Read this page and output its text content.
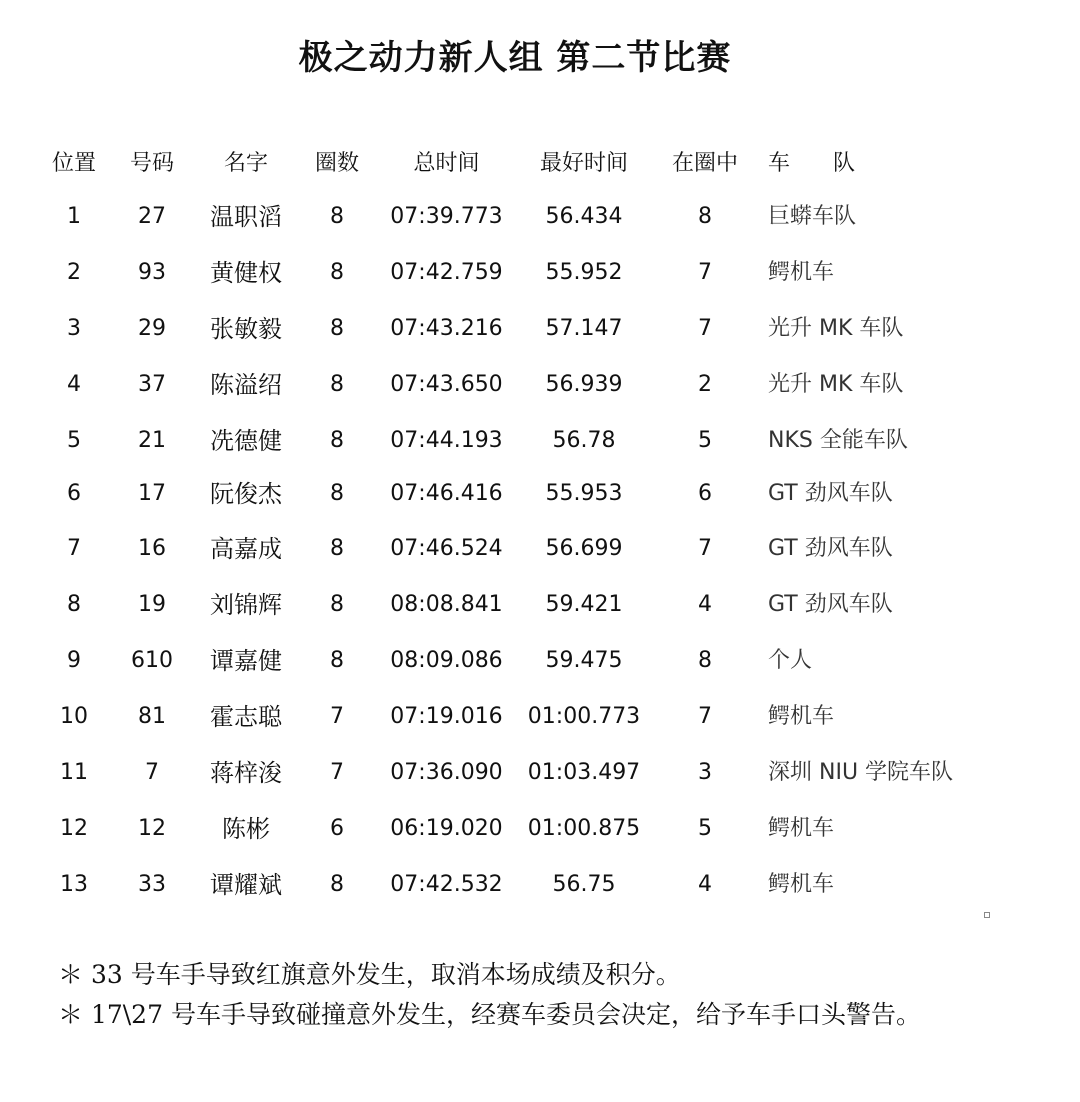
极之动力新人组 第二节比赛
位置	号码	名字	圈数	总时间	最好时间	在圈中	车 队
1	27	温职滔	8	07:39.773	56.434	8	巨蟒车队
2	93	黄健权	8	07:42.759	55.952	7	鳄机车
3	29	张敏毅	8	07:43.216	57.147	7	光升 MK 车队
4	37	陈溢绍	8	07:43.650	56.939	2	光升 MK 车队
5	21	冼德健	8	07:44.193	56.78	5	NKS 全能车队
6	17	阮俊杰	8	07:46.416	55.953	6	GT 劲风车队
7	16	高嘉成	8	07:46.524	56.699	7	GT 劲风车队
8	19	刘锦辉	8	08:08.841	59.421	4	GT 劲风车队
9	610	谭嘉健	8	08:09.086	59.475	8	个人
10	81	霍志聪	7	07:19.016	01:00.773	7	鳄机车
11	7	蒋梓浚	7	07:36.090	01:03.497	3	深圳 NIU 学院车队
12	12	陈彬	6	06:19.020	01:00.875	5	鳄机车
13	33	谭耀斌	8	07:42.532	56.75	4	鳄机车
＊ 33 号车手导致红旗意外发生，取消本场成绩及积分。
＊ 17\27 号车手导致碰撞意外发生，经赛车委员会决定，给予车手口头警告。
